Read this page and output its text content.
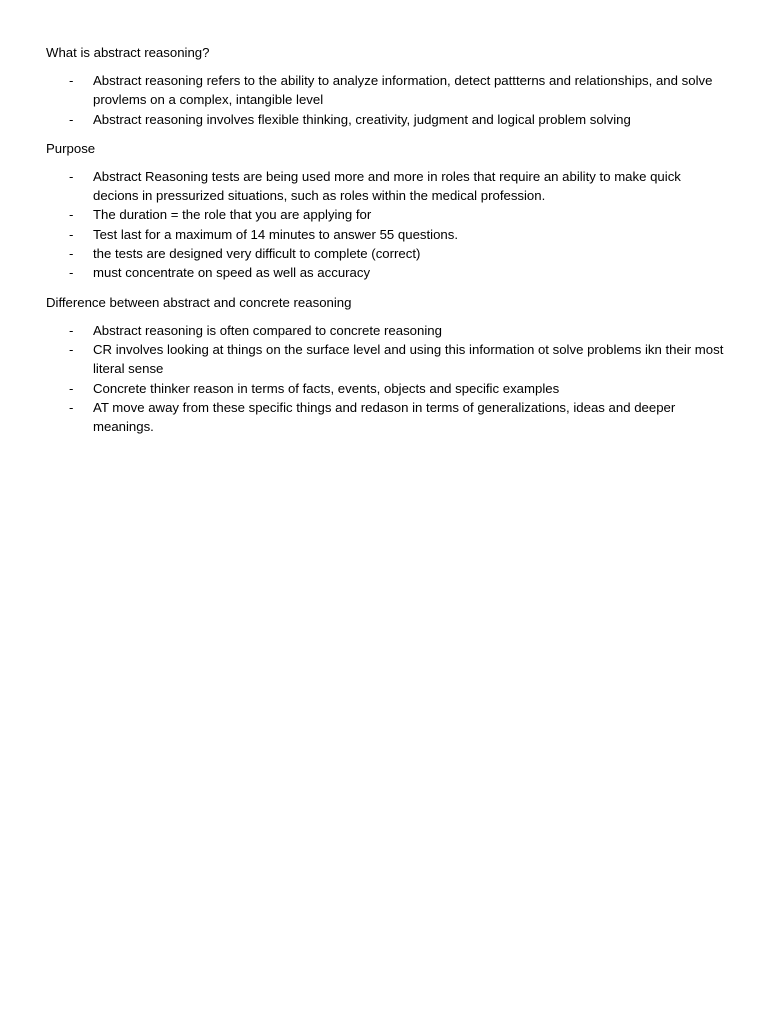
What is abstract reasoning?
- Abstract reasoning refers to the ability to analyze information, detect pattterns and relationships, and solve provlems on a complex, intangible level
- Abstract reasoning involves flexible thinking, creativity, judgment and logical problem solving
Purpose
- Abstract Reasoning tests are being used more and more in roles that require an ability to make quick decions in pressurized situations, such as roles within the medical profession.
- The duration = the role that you are applying for
- Test last for a maximum of 14 minutes to answer 55 questions.
- the tests are designed very difficult to complete (correct)
- must concentrate on speed as well as accuracy
Difference between abstract and concrete reasoning
- Abstract reasoning is often compared to concrete reasoning
- CR involves looking at things on the surface level and using this information ot solve problems ikn their most literal sense
- Concrete thinker reason in terms of facts, events, objects and specific examples
- AT move away from these specific things and redason in terms of generalizations, ideas and deeper meanings.
